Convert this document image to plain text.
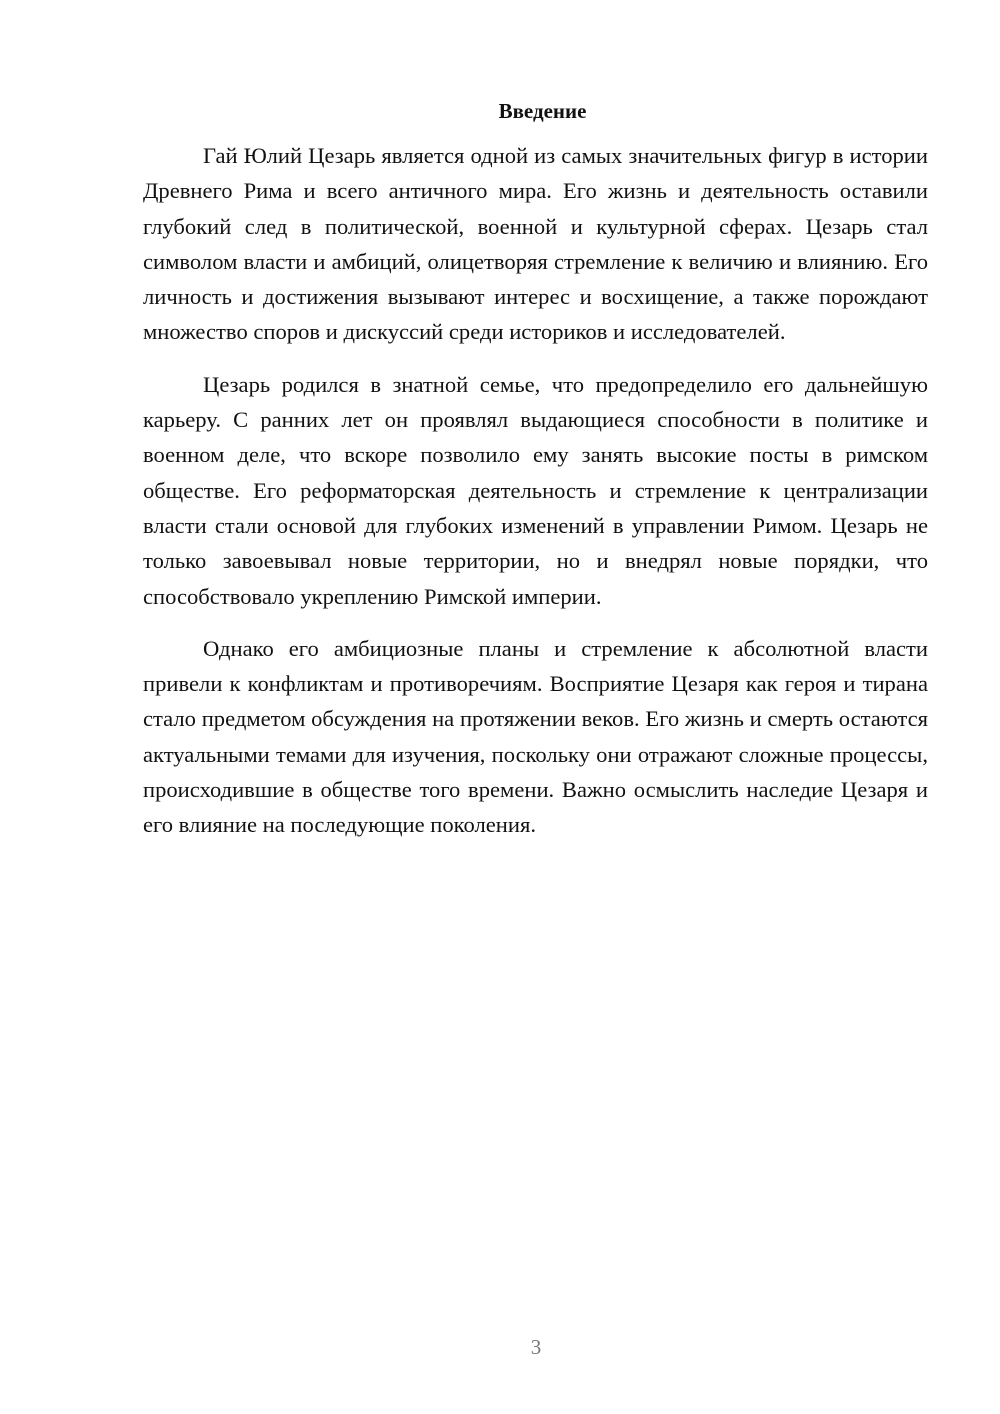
Введение

Гай Юлий Цезарь является одной из самых значительных фигур в истории Древнего Рима и всего античного мира. Его жизнь и деятельность оставили глубокий след в политической, военной и культурной сферах. Цезарь стал символом власти и амбиций, олицетворяя стремление к величию и влиянию. Его личность и достижения вызывают интерес и восхищение, а также порождают множество споров и дискуссий среди историков и исследователей.

Цезарь родился в знатной семье, что предопределило его дальнейшую карьеру. С ранних лет он проявлял выдающиеся способности в политике и военном деле, что вскоре позволило ему занять высокие посты в римском обществе. Его реформаторская деятельность и стремление к централизации власти стали основой для глубоких изменений в управлении Римом. Цезарь не только завоевывал новые территории, но и внедрял новые порядки, что способствовало укреплению Римской империи.

Однако его амбициозные планы и стремление к абсолютной власти привели к конфликтам и противоречиям. Восприятие Цезаря как героя и тирана стало предметом обсуждения на протяжении веков. Его жизнь и смерть остаются актуальными темами для изучения, поскольку они отражают сложные процессы, происходившие в обществе того времени. Важно осмыслить наследие Цезаря и его влияние на последующие поколения.

3
